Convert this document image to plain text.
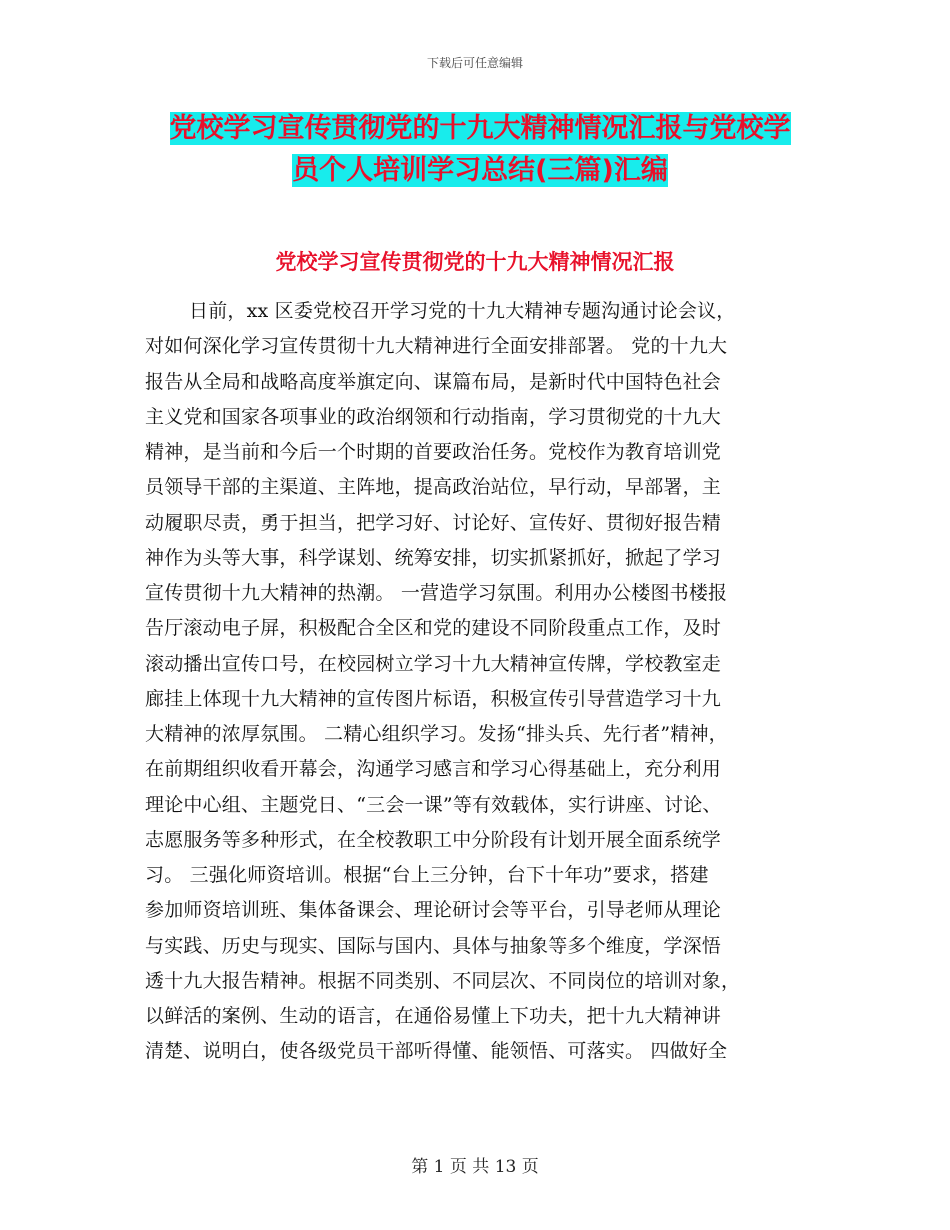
下载后可任意编辑
党校学习宣传贯彻党的十九大精神情况汇报与党校学
员个人培训学习总结(三篇)汇编
党校学习宣传贯彻党的十九大精神情况汇报
日前，xx 区委党校召开学习党的十九大精神专题沟通讨论会议，
对如何深化学习宣传贯彻十九大精神进行全面安排部署。 党的十九大
报告从全局和战略高度举旗定向、谋篇布局，是新时代中国特色社会
主义党和国家各项事业的政治纲领和行动指南，学习贯彻党的十九大
精神，是当前和今后一个时期的首要政治任务。党校作为教育培训党
员领导干部的主渠道、主阵地，提高政治站位，早行动，早部署，主
动履职尽责，勇于担当，把学习好、讨论好、宣传好、贯彻好报告精
神作为头等大事，科学谋划、统筹安排，切实抓紧抓好，掀起了学习
宣传贯彻十九大精神的热潮。 一营造学习氛围。利用办公楼图书楼报
告厅滚动电子屏，积极配合全区和党的建设不同阶段重点工作，及时
滚动播出宣传口号，在校园树立学习十九大精神宣传牌，学校教室走
廊挂上体现十九大精神的宣传图片标语，积极宣传引导营造学习十九
大精神的浓厚氛围。 二精心组织学习。发扬“排头兵、先行者”精神，
在前期组织收看开幕会，沟通学习感言和学习心得基础上，充分利用
理论中心组、主题党日、“三会一课”等有效载体，实行讲座、讨论、
志愿服务等多种形式，在全校教职工中分阶段有计划开展全面系统学
习。 三强化师资培训。根据“台上三分钟，台下十年功”要求，搭建
参加师资培训班、集体备课会、理论研讨会等平台，引导老师从理论
与实践、历史与现实、国际与国内、具体与抽象等多个维度，学深悟
透十九大报告精神。根据不同类别、不同层次、不同岗位的培训对象，
以鲜活的案例、生动的语言，在通俗易懂上下功夫，把十九大精神讲
清楚、说明白，使各级党员干部听得懂、能领悟、可落实。 四做好全
第 1 页 共 13 页
